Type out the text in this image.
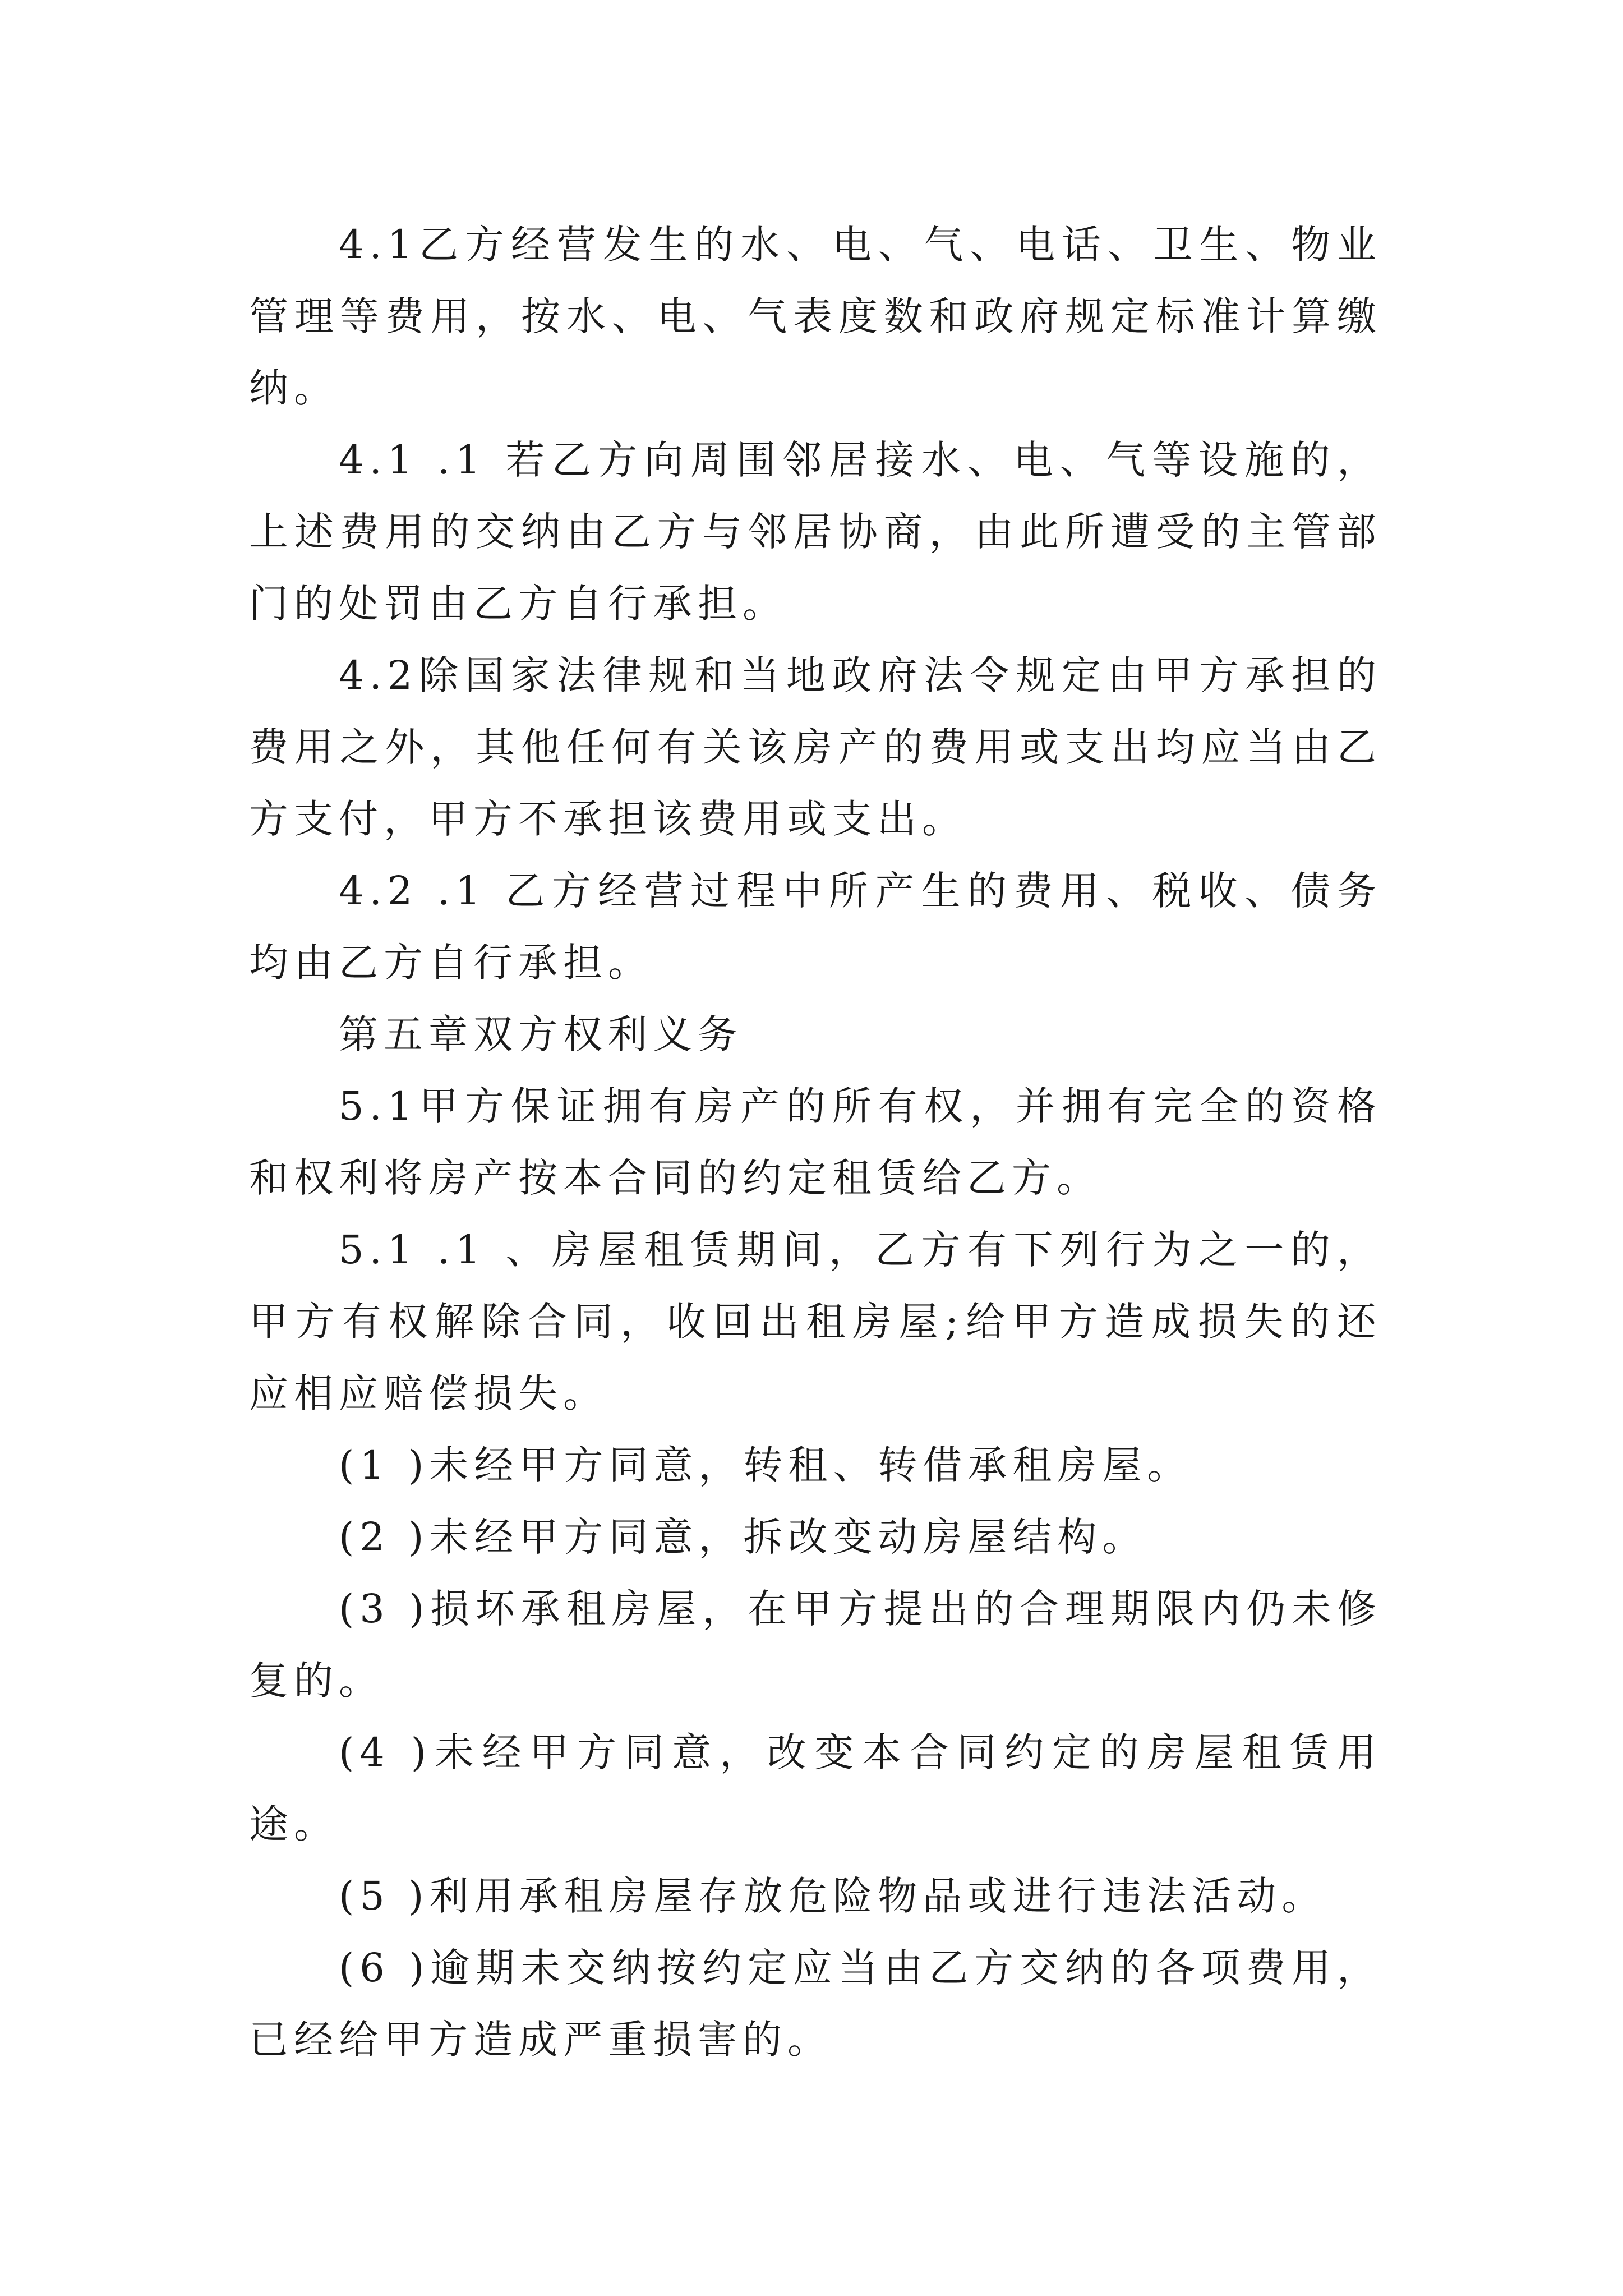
4.1乙方经营发生的水、电、气、电话、卫生、物业管理等费用，按水、电、气表度数和政府规定标准计算缴纳。

4.1 .1 若乙方向周围邻居接水、电、气等设施的，上述费用的交纳由乙方与邻居协商，由此所遭受的主管部门的处罚由乙方自行承担。

4.2除国家法律规和当地政府法令规定由甲方承担的费用之外，其他任何有关该房产的费用或支出均应当由乙方支付，甲方不承担该费用或支出。

4.2 .1 乙方经营过程中所产生的费用、税收、债务均由乙方自行承担。

第五章双方权利义务

5.1甲方保证拥有房产的所有权，并拥有完全的资格和权利将房产按本合同的约定租赁给乙方。

5.1 .1 、房屋租赁期间，乙方有下列行为之一的，甲方有权解除合同，收回出租房屋;给甲方造成损失的还应相应赔偿损失。

(1 )未经甲方同意，转租、转借承租房屋。

(2 )未经甲方同意，拆改变动房屋结构。

(3 )损坏承租房屋，在甲方提出的合理期限内仍未修复的。

(4 )未经甲方同意，改变本合同约定的房屋租赁用途。

(5 )利用承租房屋存放危险物品或进行违法活动。

(6 )逾期未交纳按约定应当由乙方交纳的各项费用，已经给甲方造成严重损害的。
